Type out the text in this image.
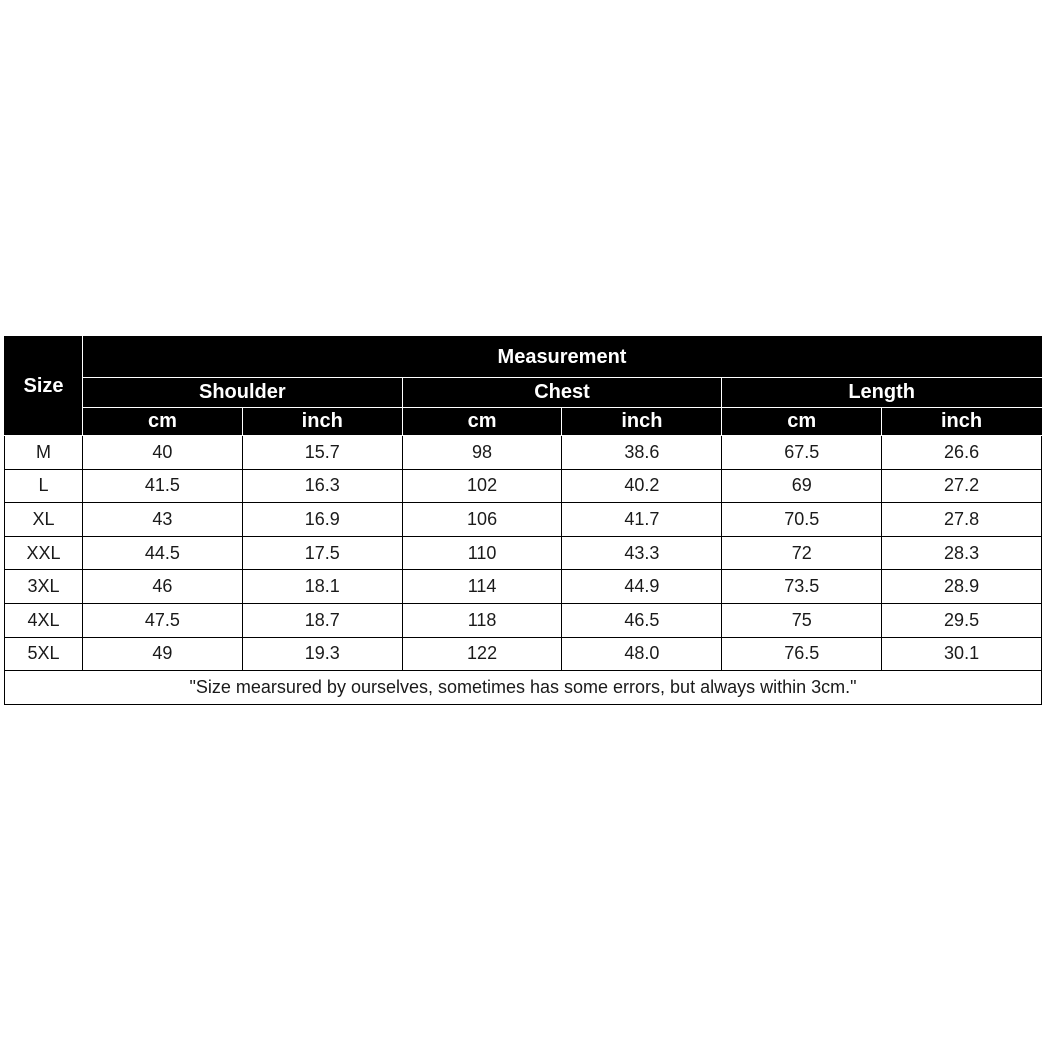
Size	Measurement					
	Shoulder		Chest		Length	
	cm	inch	cm	inch	cm	inch
M	40	15.7	98	38.6	67.5	26.6
L	41.5	16.3	102	40.2	69	27.2
XL	43	16.9	106	41.7	70.5	27.8
XXL	44.5	17.5	110	43.3	72	28.3
3XL	46	18.1	114	44.9	73.5	28.9
4XL	47.5	18.7	118	46.5	75	29.5
5XL	49	19.3	122	48.0	76.5	30.1
"Size mearsured by ourselves, sometimes has some errors, but always within 3cm."						
